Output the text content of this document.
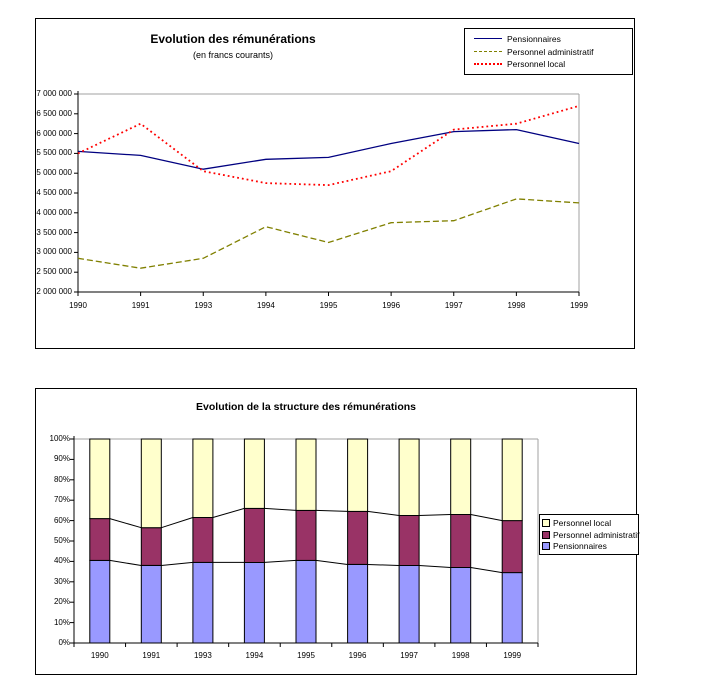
Evolution des rémunérations
(en francs courants)
Pensionnaires
Personnel administratif
Personnel local
7 000 000
6 500 000
6 000 000
5 500 000
5 000 000
4 500 000
4 000 000
3 500 000
3 000 000
2 500 000
2 000 000
1990	1991	1993	1994	1995	1996	1997	1998	1999
Evolution de la structure des rémunérations
Personnel local
Personnel administratif
Pensionnaires
100%
90%
80%
70%
60%
50%
40%
30%
20%
10%
0%
1990	1991	1993	1994	1995	1996	1997	1998	1999
